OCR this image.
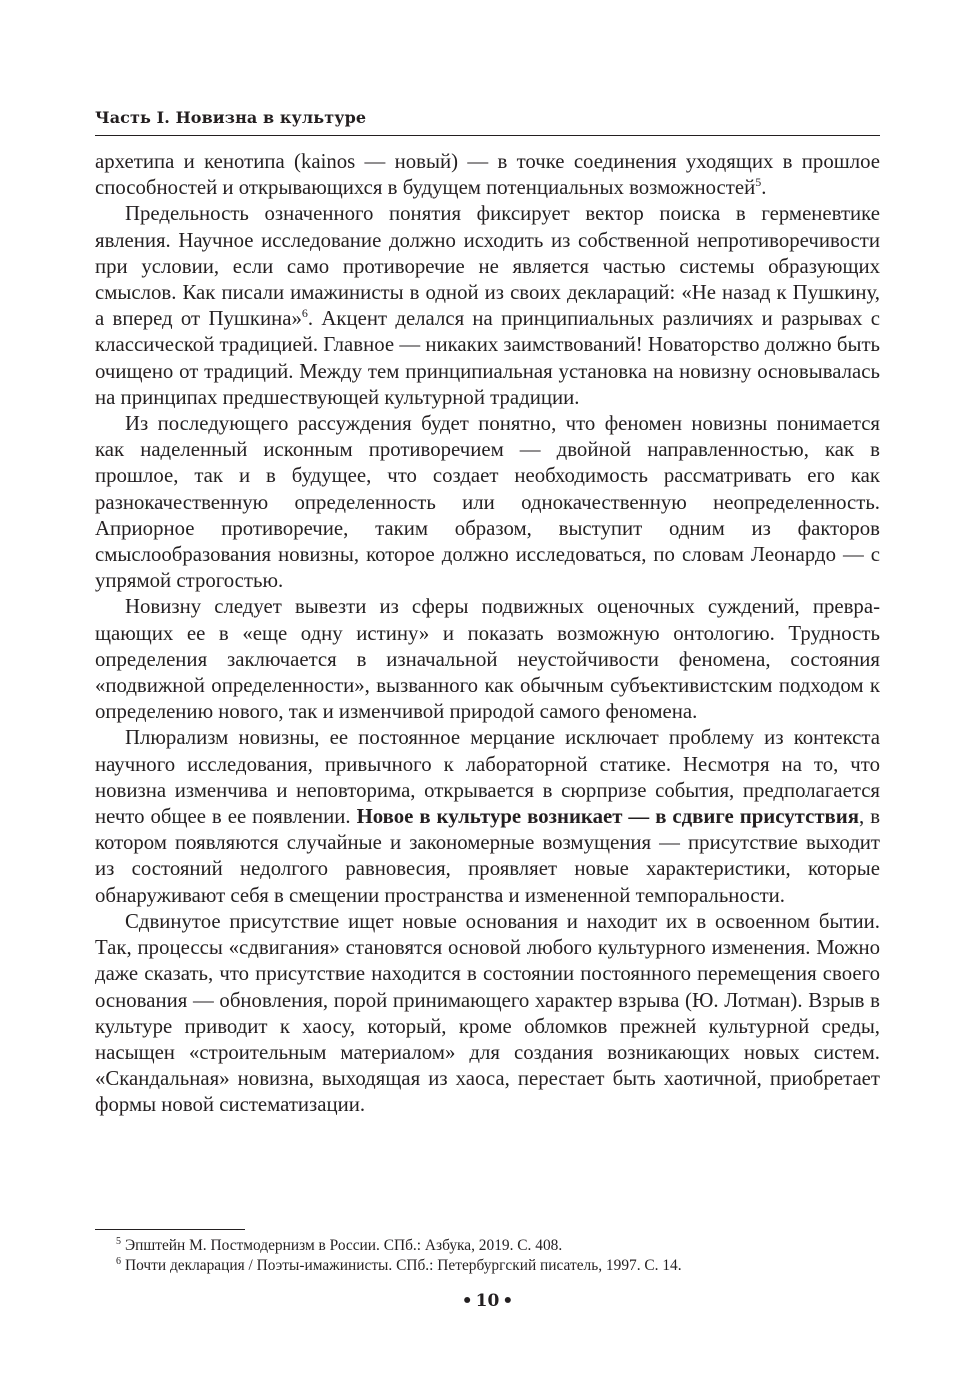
Часть I. Новизна в культуре

архетипа и кенотипа (kainos — новый) — в точке соединения уходящих в прошлое способностей и открывающихся в будущем потенциальных возможностей$^5$.

Предельность означенного понятия фиксирует вектор поиска в герменевтике явления. Научное исследование должно исходить из собственной непротиворечивости при условии, если само противоречие не является частью системы образующих смыслов. Как писали имажинисты в одной из своих деклараций: «Не назад к Пушкину, а вперед от Пушкина»$^6$. Акцент делался на принципиальных различиях и разрывах с классической традицией. Главное — никаких заимствований! Новаторство должно быть очищено от традиций. Между тем принципиальная установка на новизну основывалась на принципах предшествующей культурной традиции.

Из последующего рассуждения будет понятно, что феномен новизны понимается как наделенный исконным противоречием — двойной направленностью, как в прошлое, так и в будущее, что создает необходимость рассматривать его как разнокачественную определенность или однокачественную неопределенность. Априорное противоречие, таким образом, выступит одним из факторов смыслообразования новизны, которое должно исследоваться, по словам Леонардо — с упрямой строгостью.

Новизну следует вывезти из сферы подвижных оценочных суждений, превращающих ее в «еще одну истину» и показать возможную онтологию. Трудность определения заключается в изначальной неустойчивости феномена, состояния «подвижной определенности», вызванного как обычным субъективистским подходом к определению нового, так и изменчивой природой самого феномена.

Плюрализм новизны, ее постоянное мерцание исключает проблему из контекста научного исследования, привычного к лабораторной статике. Несмотря на то, что новизна изменчива и неповторима, открывается в сюрпризе события, предполагается нечто общее в ее появлении. Новое в культуре возникает — в сдвиге присутствия, в котором появляются случайные и закономерные возмущения — присутствие выходит из состояний недолгого равновесия, проявляет новые характеристики, которые обнаруживают себя в смещении пространства и измененной темпоральности.

Сдвинутое присутствие ищет новые основания и находит их в освоенном бытии. Так, процессы «сдвигания» становятся основой любого культурного изменения. Можно даже сказать, что присутствие находится в состоянии постоянного перемещения своего основания — обновления, порой принимающего характер взрыва (Ю. Лотман). Взрыв в культуре приводит к хаосу, который, кроме обломков прежней культурной среды, насыщен «строительным материалом» для создания возникающих новых систем. «Скандальная» новизна, выходящая из хаоса, перестает быть хаотичной, приобретает формы новой систематизации.

$^5$ Эпштейн М. Постмодернизм в России. СПб.: Азбука, 2019. С. 408.

$^6$ Почти декларация / Поэты-имажинисты. СПб.: Петербургский писатель, 1997. С. 14.

• 10 •
